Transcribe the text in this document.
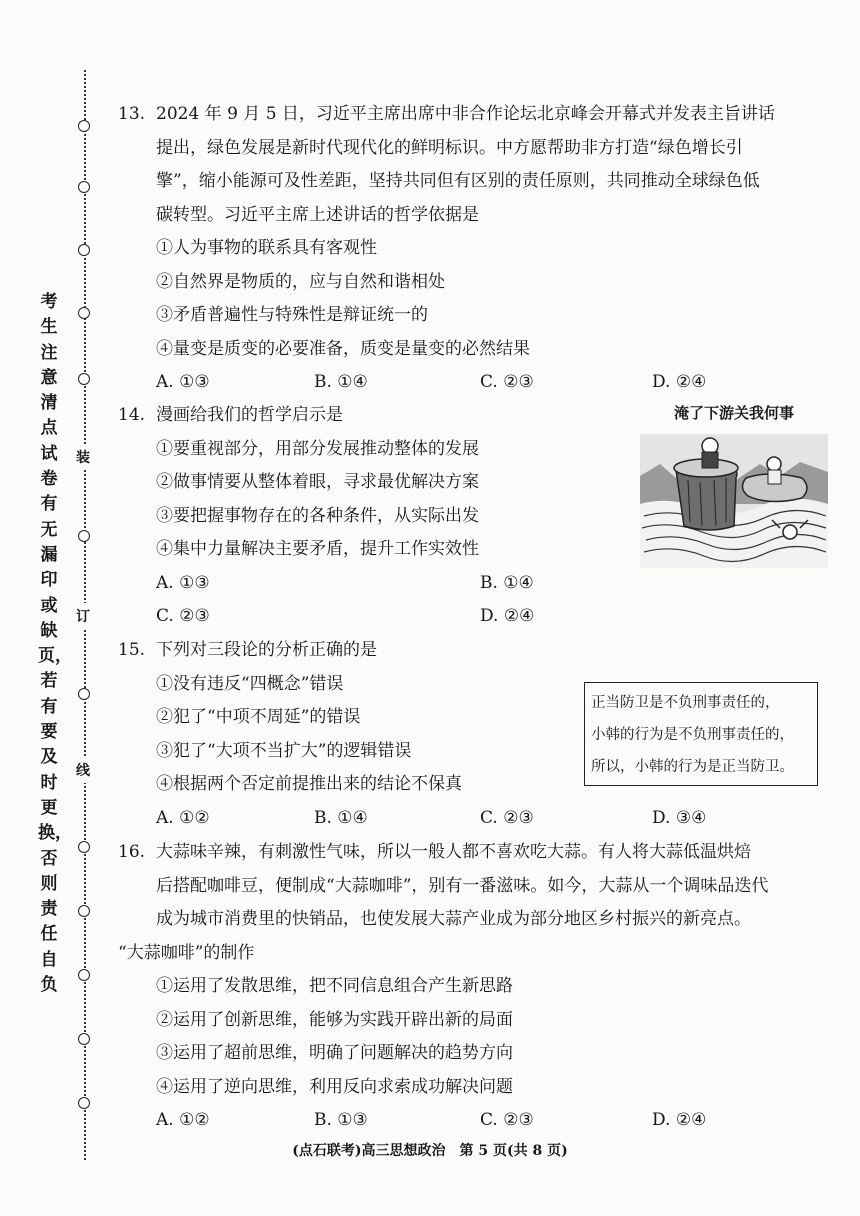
装
订
线
考生注意清点试卷有无漏印或缺页，若有要及时更换，否则责任自负
13. 2024 年 9 月 5 日，习近平主席出席中非合作论坛北京峰会开幕式并发表主旨讲话
提出，绿色发展是新时代现代化的鲜明标识。中方愿帮助非方打造“绿色增长引
擎”，缩小能源可及性差距，坚持共同但有区别的责任原则，共同推动全球绿色低
碳转型。习近平主席上述讲话的哲学依据是
①人为事物的联系具有客观性
②自然界是物质的，应与自然和谐相处
③矛盾普遍性与特殊性是辩证统一的
④量变是质变的必要准备，质变是量变的必然结果
A. ①③	B. ①④	C. ②③	D. ②④
14. 漫画给我们的哲学启示是
①要重视部分，用部分发展推动整体的发展
②做事情要从整体着眼，寻求最优解决方案
③要把握事物存在的各种条件，从实际出发
④集中力量解决主要矛盾，提升工作实效性
A. ①③	B. ①④
C. ②③	D. ②④
淹了下游关我何事
15. 下列对三段论的分析正确的是
①没有违反“四概念”错误
②犯了“中项不周延”的错误
③犯了“大项不当扩大”的逻辑错误
④根据两个否定前提推出来的结论不保真
A. ①②	B. ①④	C. ②③	D. ③④
正当防卫是不负刑事责任的，
小韩的行为是不负刑事责任的，
所以，小韩的行为是正当防卫。
16. 大蒜味辛辣，有刺激性气味，所以一般人都不喜欢吃大蒜。有人将大蒜低温烘焙
后搭配咖啡豆，便制成“大蒜咖啡”，别有一番滋味。如今，大蒜从一个调味品迭代
成为城市消费里的快销品，也使发展大蒜产业成为部分地区乡村振兴的新亮点。
“大蒜咖啡”的制作
①运用了发散思维，把不同信息组合产生新思路
②运用了创新思维，能够为实践开辟出新的局面
③运用了超前思维，明确了问题解决的趋势方向
④运用了逆向思维，利用反向求索成功解决问题
A. ①②	B. ①③	C. ②③	D. ②④
(点石联考)高三思想政治　第 5 页(共 8 页)
